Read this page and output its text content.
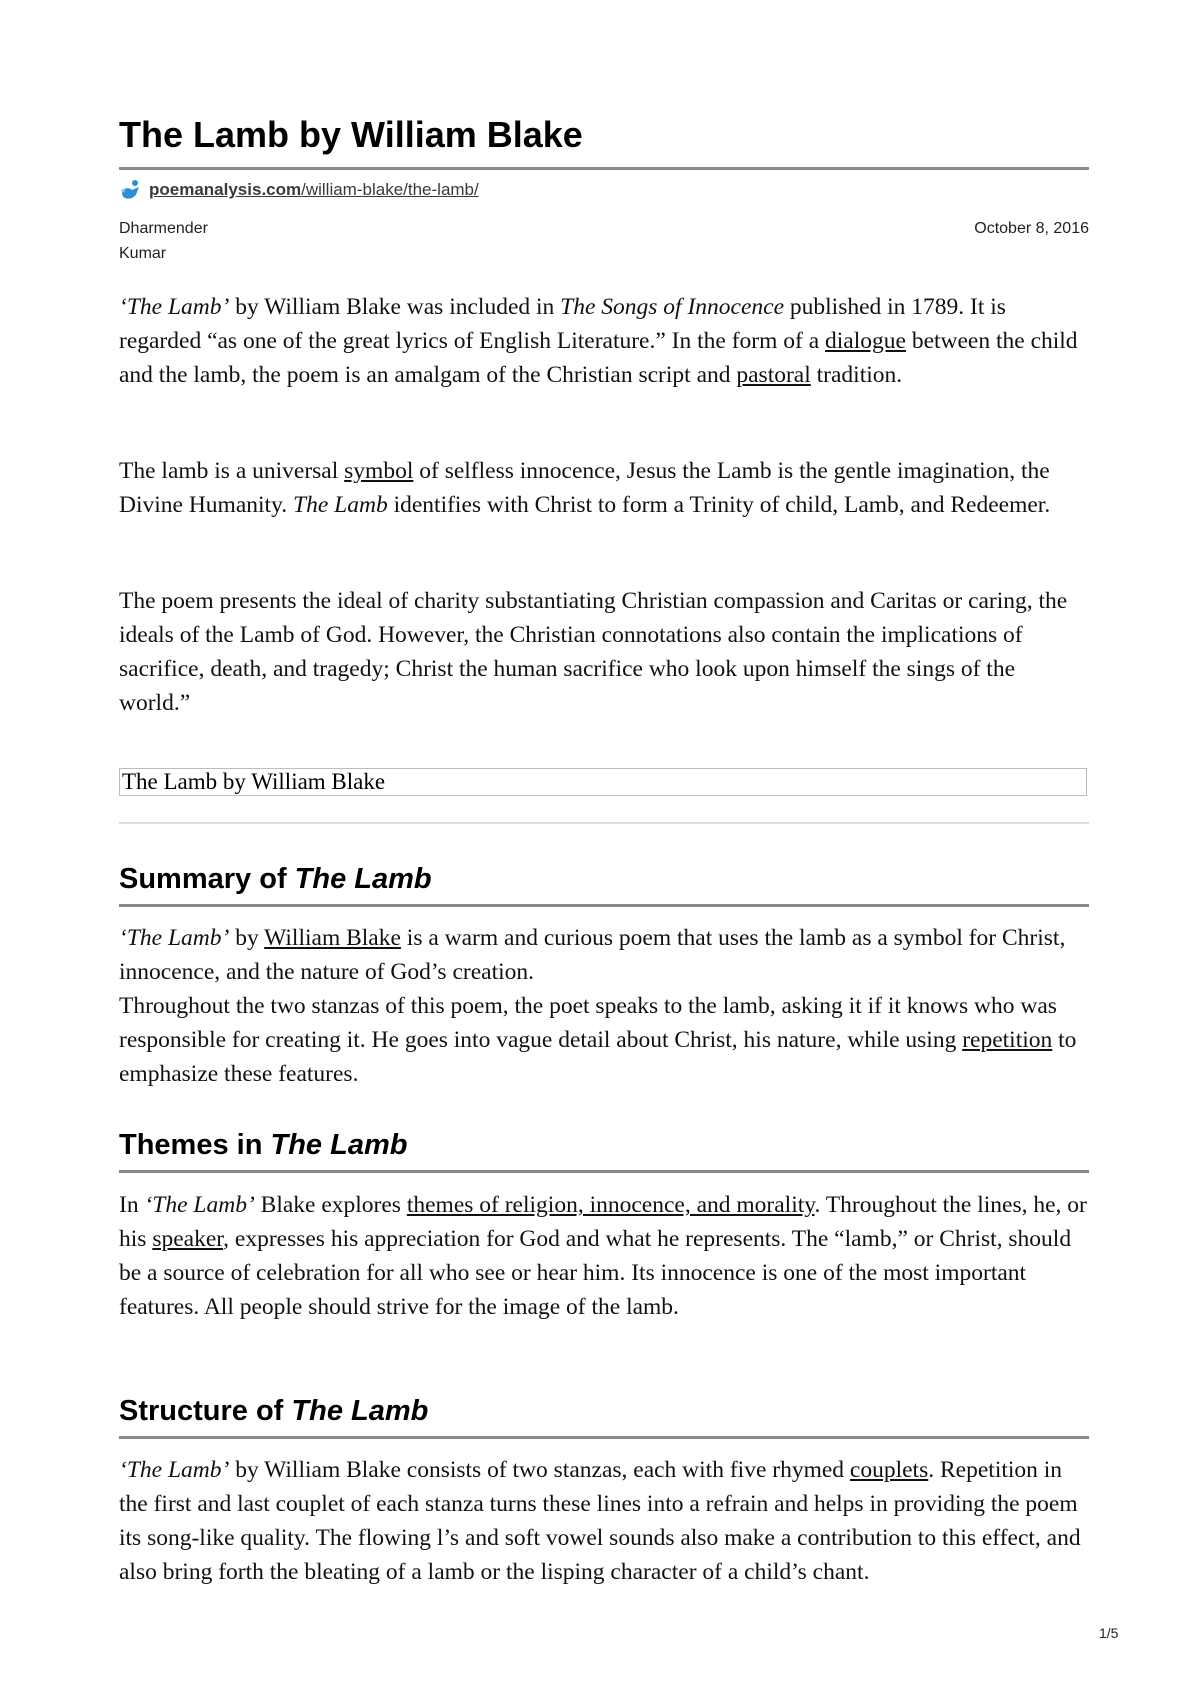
The Lamb by William Blake
poemanalysis.com/william-blake/the-lamb/
Dharmender
Kumar
October 8, 2016

‘The Lamb’ by William Blake was included in The Songs of Innocence published in 1789. It is regarded “as one of the great lyrics of English Literature.” In the form of a dialogue between the child and the lamb, the poem is an amalgam of the Christian script and pastoral tradition.

The lamb is a universal symbol of selfless innocence, Jesus the Lamb is the gentle imagination, the Divine Humanity. The Lamb identifies with Christ to form a Trinity of child, Lamb, and Redeemer.

The poem presents the ideal of charity substantiating Christian compassion and Caritas or caring, the ideals of the Lamb of God. However, the Christian connotations also contain the implications of sacrifice, death, and tragedy; Christ the human sacrifice who look upon himself the sings of the world.”

The Lamb by William Blake
Summary of The Lamb

‘The Lamb’ by William Blake is a warm and curious poem that uses the lamb as a symbol for Christ, innocence, and the nature of God’s creation.

Throughout the two stanzas of this poem, the poet speaks to the lamb, asking it if it knows who was responsible for creating it. He goes into vague detail about Christ, his nature, while using repetition to emphasize these features.

Themes in The Lamb

In ‘The Lamb’ Blake explores themes of religion, innocence, and morality. Throughout the lines, he, or his speaker, expresses his appreciation for God and what he represents. The “lamb,” or Christ, should be a source of celebration for all who see or hear him. Its innocence is one of the most important features. All people should strive for the image of the lamb.

Structure of The Lamb

‘The Lamb’ by William Blake consists of two stanzas, each with five rhymed couplets. Repetition in the first and last couplet of each stanza turns these lines into a refrain and helps in providing the poem its song-like quality. The flowing l’s and soft vowel sounds also make a contribution to this effect, and also bring forth the bleating of a lamb or the lisping character of a child’s chant.

1/5
